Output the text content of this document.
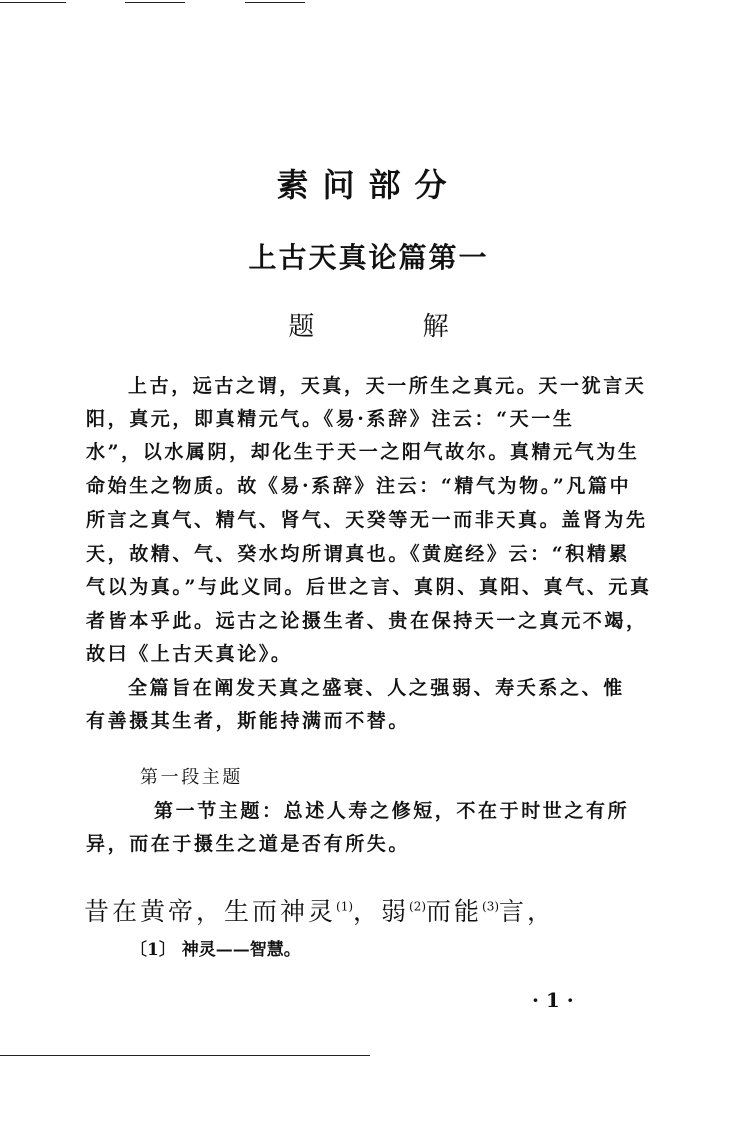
素问部分
上古天真论篇第一
题 解
上古，远古之谓，天真，天一所生之真元。天一犹言天
阳，真元，即真精元气。《易·系辞》注云：“天一生
水”，以水属阴，却化生于天一之阳气故尔。真精元气为生
命始生之物质。故《易·系辞》注云：“精气为物。”凡篇中
所言之真气、精气、肾气、天癸等无一而非天真。盖肾为先
天，故精、气、癸水均所谓真也。《黄庭经》云：“积精累
气以为真。”与此义同。后世之言、真阴、真阳、真气、元真
者皆本乎此。远古之论摄生者、贵在保持天一之真元不竭，
故曰《上古天真论》。
全篇旨在阐发天真之盛衰、人之强弱、寿夭系之、惟
有善摄其生者，斯能持满而不替。
第一段主题
第一节主题：总述人寿之修短，不在于时世之有所
异，而在于摄生之道是否有所失。
昔在黄帝，生而神灵$^{(1)}$，弱$^{(2)}$而能$^{(3)}$言，
〔1〕 神灵——智慧。
· 1 ·
